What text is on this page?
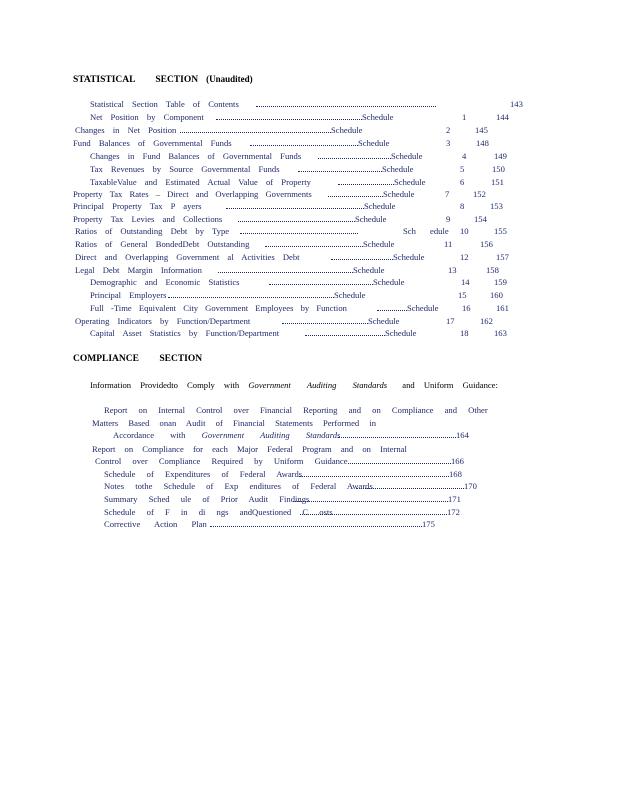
STATISTICAL SECTION (Unaudited)
Statistical Section Table of Contents	143
Net Position by Component	Schedule	1	144
Changes in Net Position	Schedule	2	145
Fund Balances of Governmental Funds	Schedule	3	148
Changes in Fund Balances of Governmental Funds	Schedule	4	149
Tax Revenues by Source Governmental Funds	Schedule	5	150
TaxableValue and Estimated Actual Value of Property	Schedule	6	151
Property Tax Rates – Direct and Overlapping Governments	Schedule	7	152
Principal Property Tax P ayers	Schedule	8	153
Property Tax Levies and Collections	Schedule	9	154
Ratios of Outstanding Debt by Type	Sch edule 10	155
Ratios of General BondedDebt Outstanding	Schedule	11	156
Direct and Overlapping Government al Activities Debt	Schedule	12	157
Legal Debt Margin Information	Schedule	13	158
Demographic and Economic Statistics	Schedule	14	159
Principal Employers	Schedule	15	160
Full -Time Equivalent City Government Employees by Function	Schedule	16	161
Operating Indicators by Function/Department	Schedule	17	162
Capital Asset Statistics by Function/Department	Schedule	18	163
COMPLIANCE SECTION
Information Providedto Comply with Government Auditing Standards and Uniform Guidance:
Report on Internal Control over Financial Reporting and on Compliance and Other
Matters Based onan Audit of Financial Statements Performed in
Accordance with Government Auditing Standards	164
Report on Compliance for each Major Federal Program and on Internal
Control over Compliance Required by Uniform Guidance	166
Schedule of Expenditures of Federal Awards	168
Notes tothe Schedule of Exp enditures of Federal Awards	170
Summary Sched ule of Prior Audit Findings	171
Schedule of F in di ngs andQuestioned C osts	172
Corrective Action Plan	175
